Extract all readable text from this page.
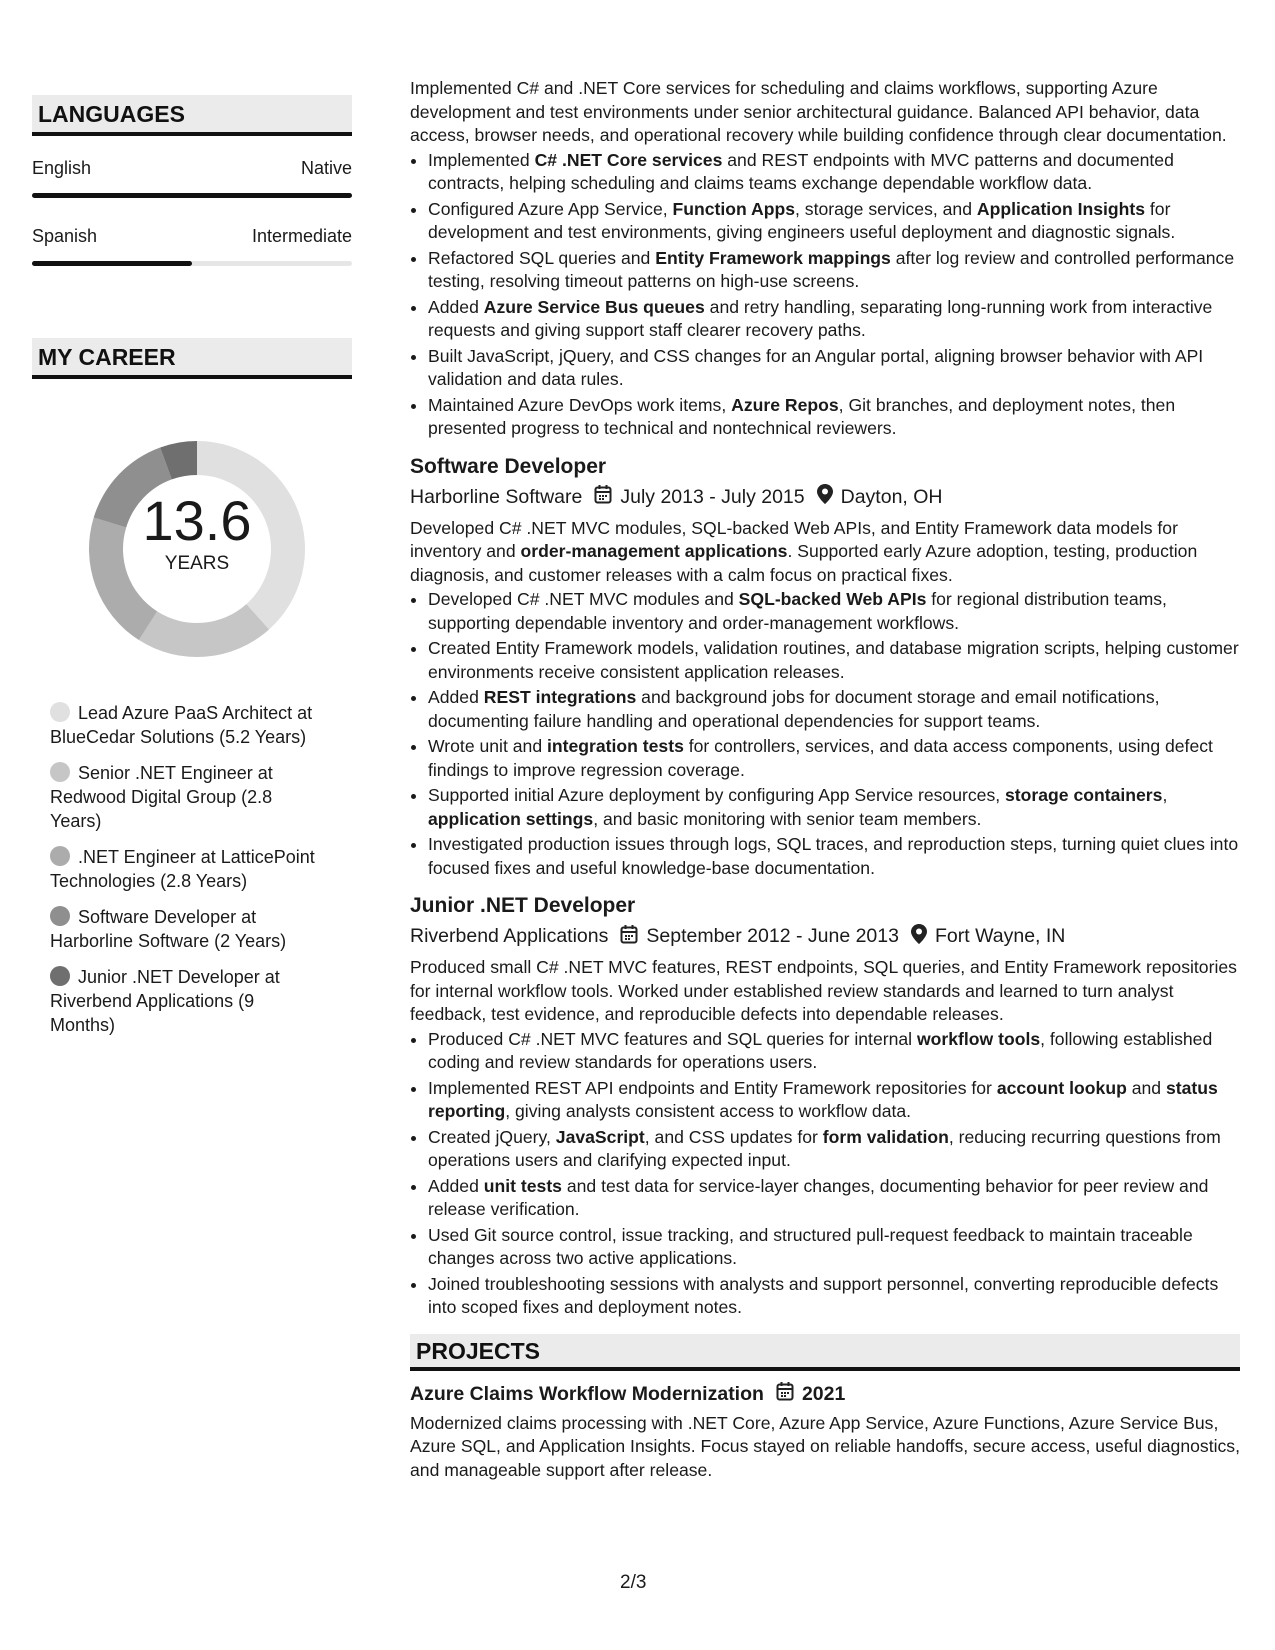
LANGUAGES
English	Native
Spanish	Intermediate
MY CAREER
13.6
YEARS
Lead Azure PaaS Architect at BlueCedar Solutions (5.2 Years)
Senior .NET Engineer at Redwood Digital Group (2.8 Years)
.NET Engineer at LatticePoint Technologies (2.8 Years)
Software Developer at Harborline Software (2 Years)
Junior .NET Developer at Riverbend Applications (9 Months)

Implemented C# and .NET Core services for scheduling and claims workflows, supporting Azure development and test environments under senior architectural guidance. Balanced API behavior, data access, browser needs, and operational recovery while building confidence through clear documentation.

• Implemented C# .NET Core services and REST endpoints with MVC patterns and documented contracts, helping scheduling and claims teams exchange dependable workflow data.
• Configured Azure App Service, Function Apps, storage services, and Application Insights for development and test environments, giving engineers useful deployment and diagnostic signals.
• Refactored SQL queries and Entity Framework mappings after log review and controlled performance testing, resolving timeout patterns on high-use screens.
• Added Azure Service Bus queues and retry handling, separating long-running work from interactive requests and giving support staff clearer recovery paths.
• Built JavaScript, jQuery, and CSS changes for an Angular portal, aligning browser behavior with API validation and data rules.
• Maintained Azure DevOps work items, Azure Repos, Git branches, and deployment notes, then presented progress to technical and nontechnical reviewers.
Software Developer
Harborline Software July 2013 - July 2015 Dayton, OH

Developed C# .NET MVC modules, SQL-backed Web APIs, and Entity Framework data models for inventory and order-management applications. Supported early Azure adoption, testing, production diagnosis, and customer releases with a calm focus on practical fixes.

• Developed C# .NET MVC modules and SQL-backed Web APIs for regional distribution teams, supporting dependable inventory and order-management workflows.
• Created Entity Framework models, validation routines, and database migration scripts, helping customer environments receive consistent application releases.
• Added REST integrations and background jobs for document storage and email notifications, documenting failure handling and operational dependencies for support teams.
• Wrote unit and integration tests for controllers, services, and data access components, using defect findings to improve regression coverage.
• Supported initial Azure deployment by configuring App Service resources, storage containers, application settings, and basic monitoring with senior team members.
• Investigated production issues through logs, SQL traces, and reproduction steps, turning quiet clues into focused fixes and useful knowledge-base documentation.
Junior .NET Developer
Riverbend Applications September 2012 - June 2013 Fort Wayne, IN

Produced small C# .NET MVC features, REST endpoints, SQL queries, and Entity Framework repositories for internal workflow tools. Worked under established review standards and learned to turn analyst feedback, test evidence, and reproducible defects into dependable releases.

• Produced C# .NET MVC features and SQL queries for internal workflow tools, following established coding and review standards for operations users.
• Implemented REST API endpoints and Entity Framework repositories for account lookup and status reporting, giving analysts consistent access to workflow data.
• Created jQuery, JavaScript, and CSS updates for form validation, reducing recurring questions from operations users and clarifying expected input.
• Added unit tests and test data for service-layer changes, documenting behavior for peer review and release verification.
• Used Git source control, issue tracking, and structured pull-request feedback to maintain traceable changes across two active applications.
• Joined troubleshooting sessions with analysts and support personnel, converting reproducible defects into scoped fixes and deployment notes.
PROJECTS
Azure Claims Workflow Modernization 2021

Modernized claims processing with .NET Core, Azure App Service, Azure Functions, Azure Service Bus, Azure SQL, and Application Insights. Focus stayed on reliable handoffs, secure access, useful diagnostics, and manageable support after release.

2/3
